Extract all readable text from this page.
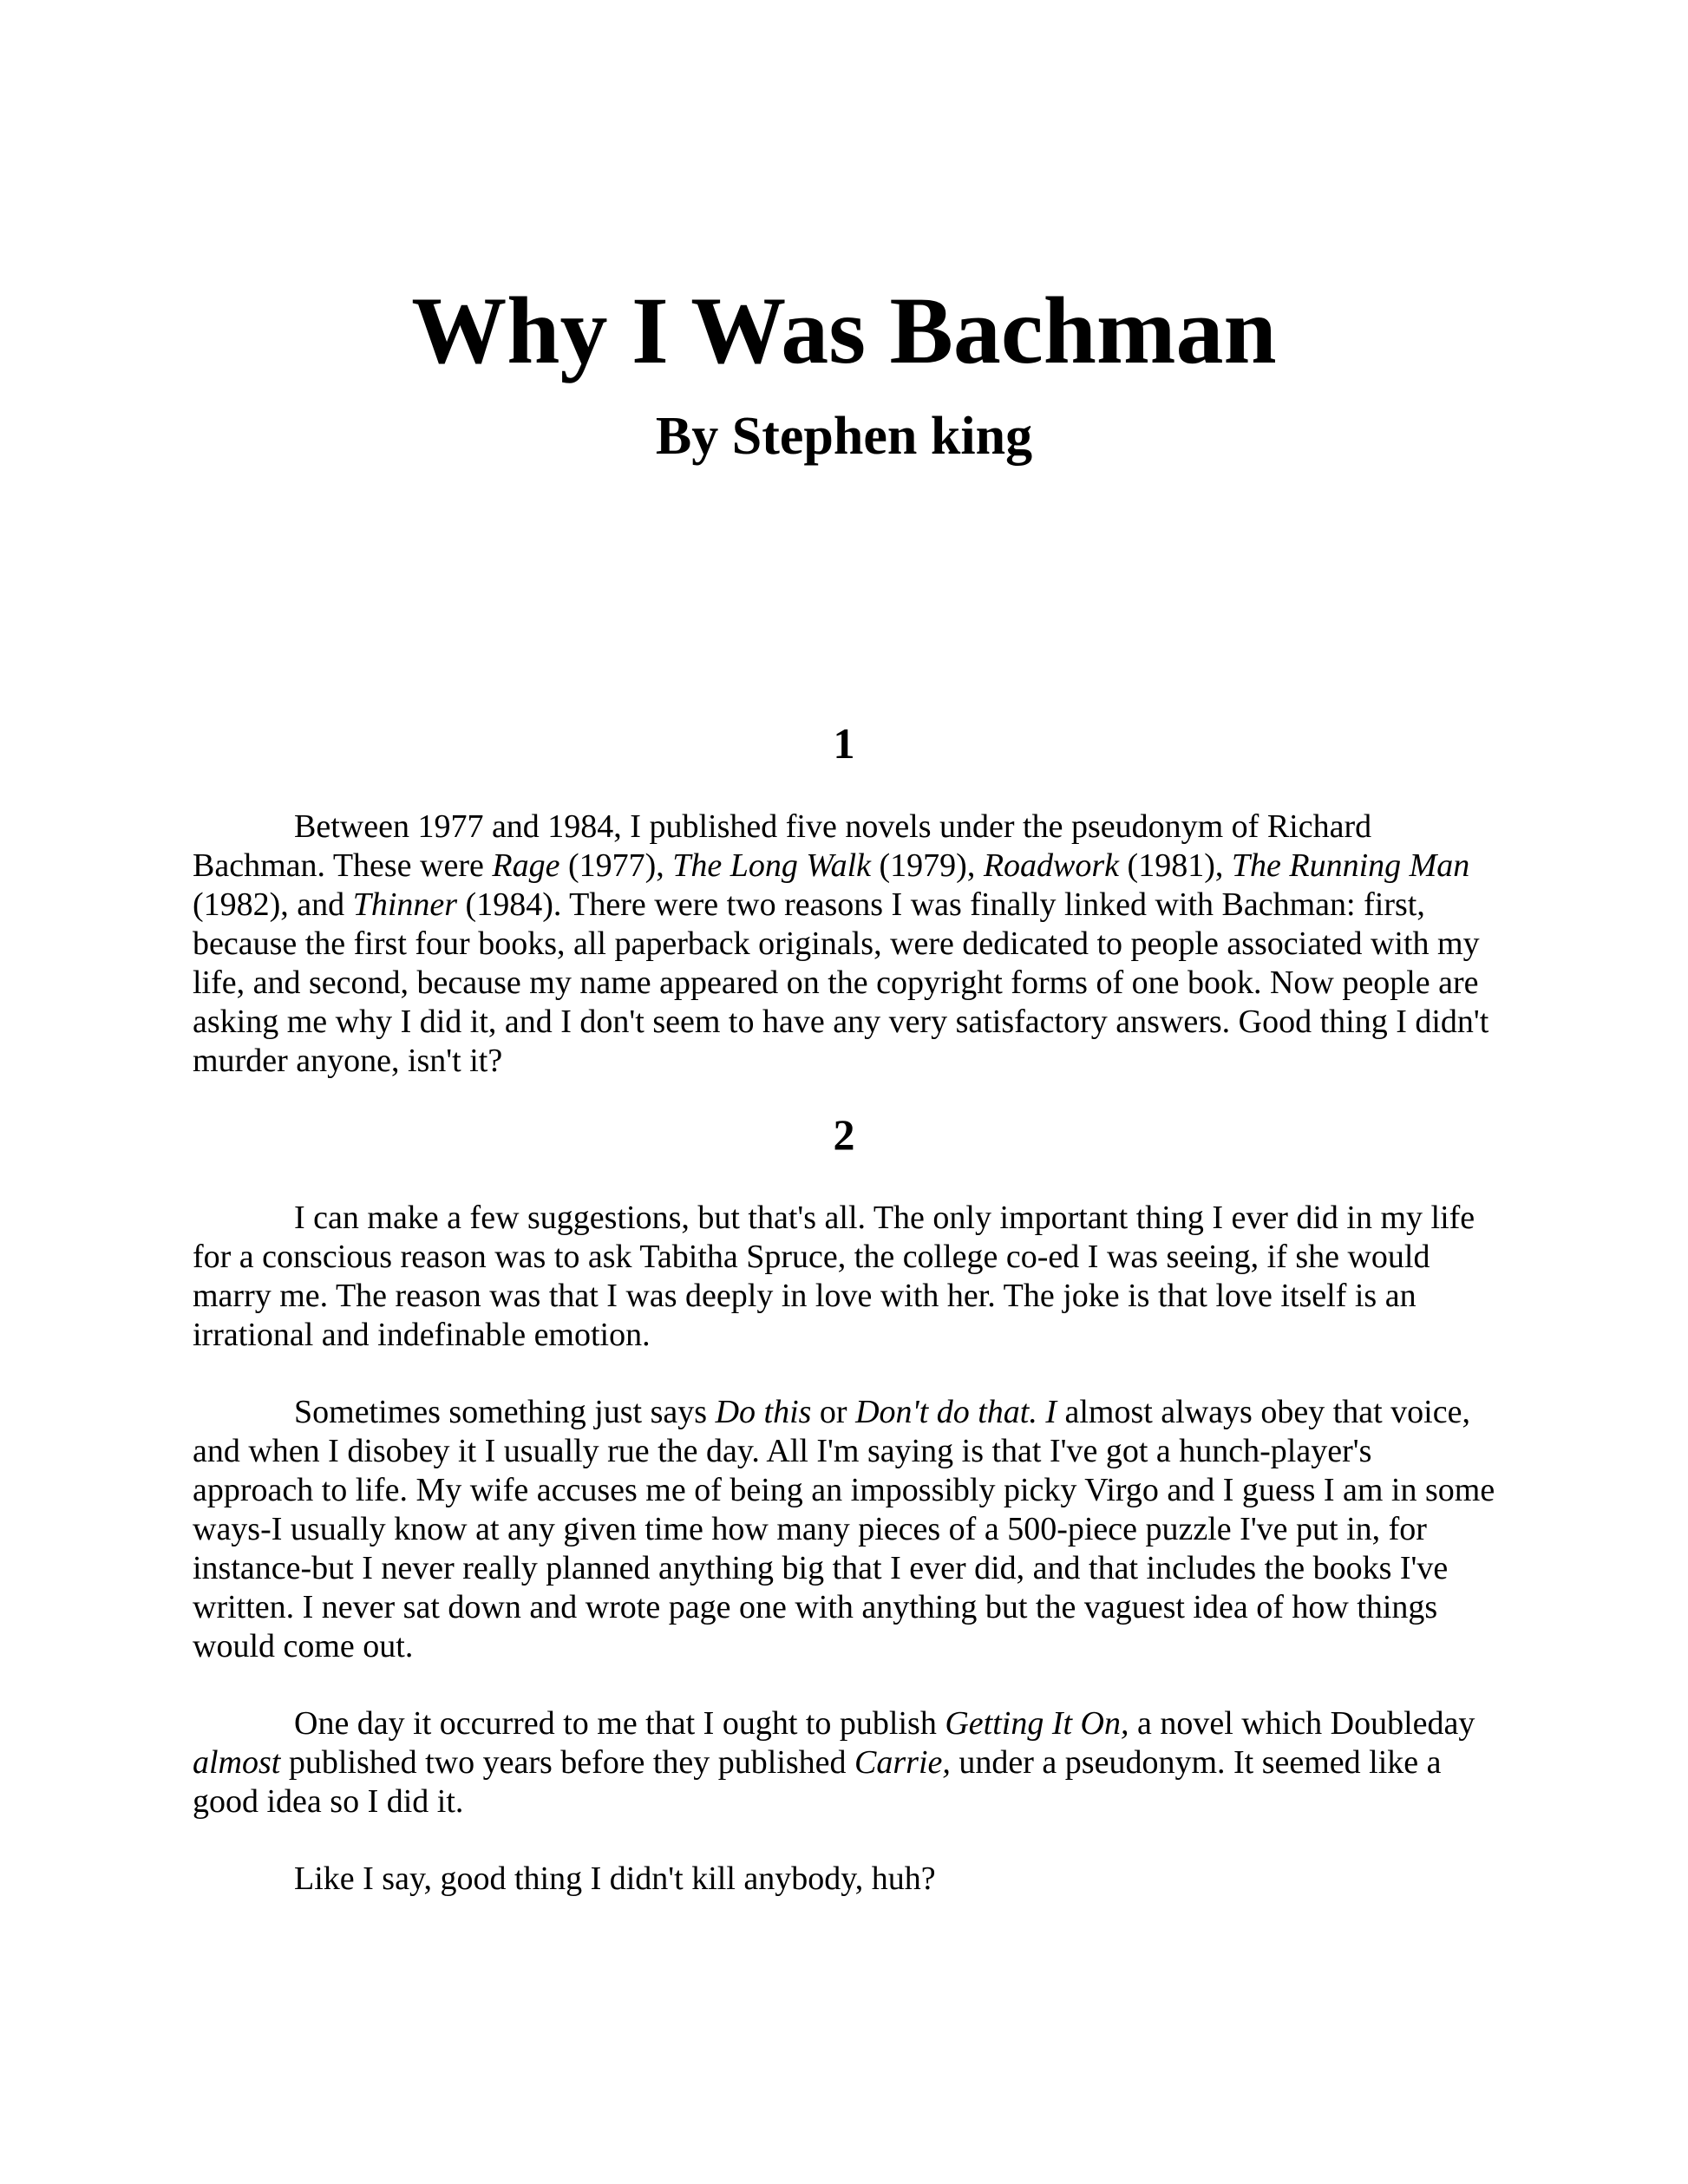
Why I Was Bachman
By Stephen king
1

Between 1977 and 1984, I published five novels under the pseudonym of Richard Bachman. These were Rage (1977), The Long Walk (1979), Roadwork (1981), The Running Man (1982), and Thinner (1984). There were two reasons I was finally linked with Bachman: first, because the first four books, all paperback originals, were dedicated to people associated with my life, and second, because my name appeared on the copyright forms of one book. Now people are asking me why I did it, and I don't seem to have any very satisfactory answers. Good thing I didn't murder anyone, isn't it?

2

I can make a few suggestions, but that's all. The only important thing I ever did in my life for a conscious reason was to ask Tabitha Spruce, the college co-ed I was seeing, if she would marry me. The reason was that I was deeply in love with her. The joke is that love itself is an irrational and indefinable emotion.

Sometimes something just says Do this or Don't do that. I almost always obey that voice, and when I disobey it I usually rue the day. All I'm saying is that I've got a hunch-player's approach to life. My wife accuses me of being an impossibly picky Virgo and I guess I am in some ways-I usually know at any given time how many pieces of a 500-piece puzzle I've put in, for instance-but I never really planned anything big that I ever did, and that includes the books I've written. I never sat down and wrote page one with anything but the vaguest idea of how things would come out.

One day it occurred to me that I ought to publish Getting It On, a novel which Doubleday almost published two years before they published Carrie, under a pseudonym. It seemed like a good idea so I did it.

Like I say, good thing I didn't kill anybody, huh?
